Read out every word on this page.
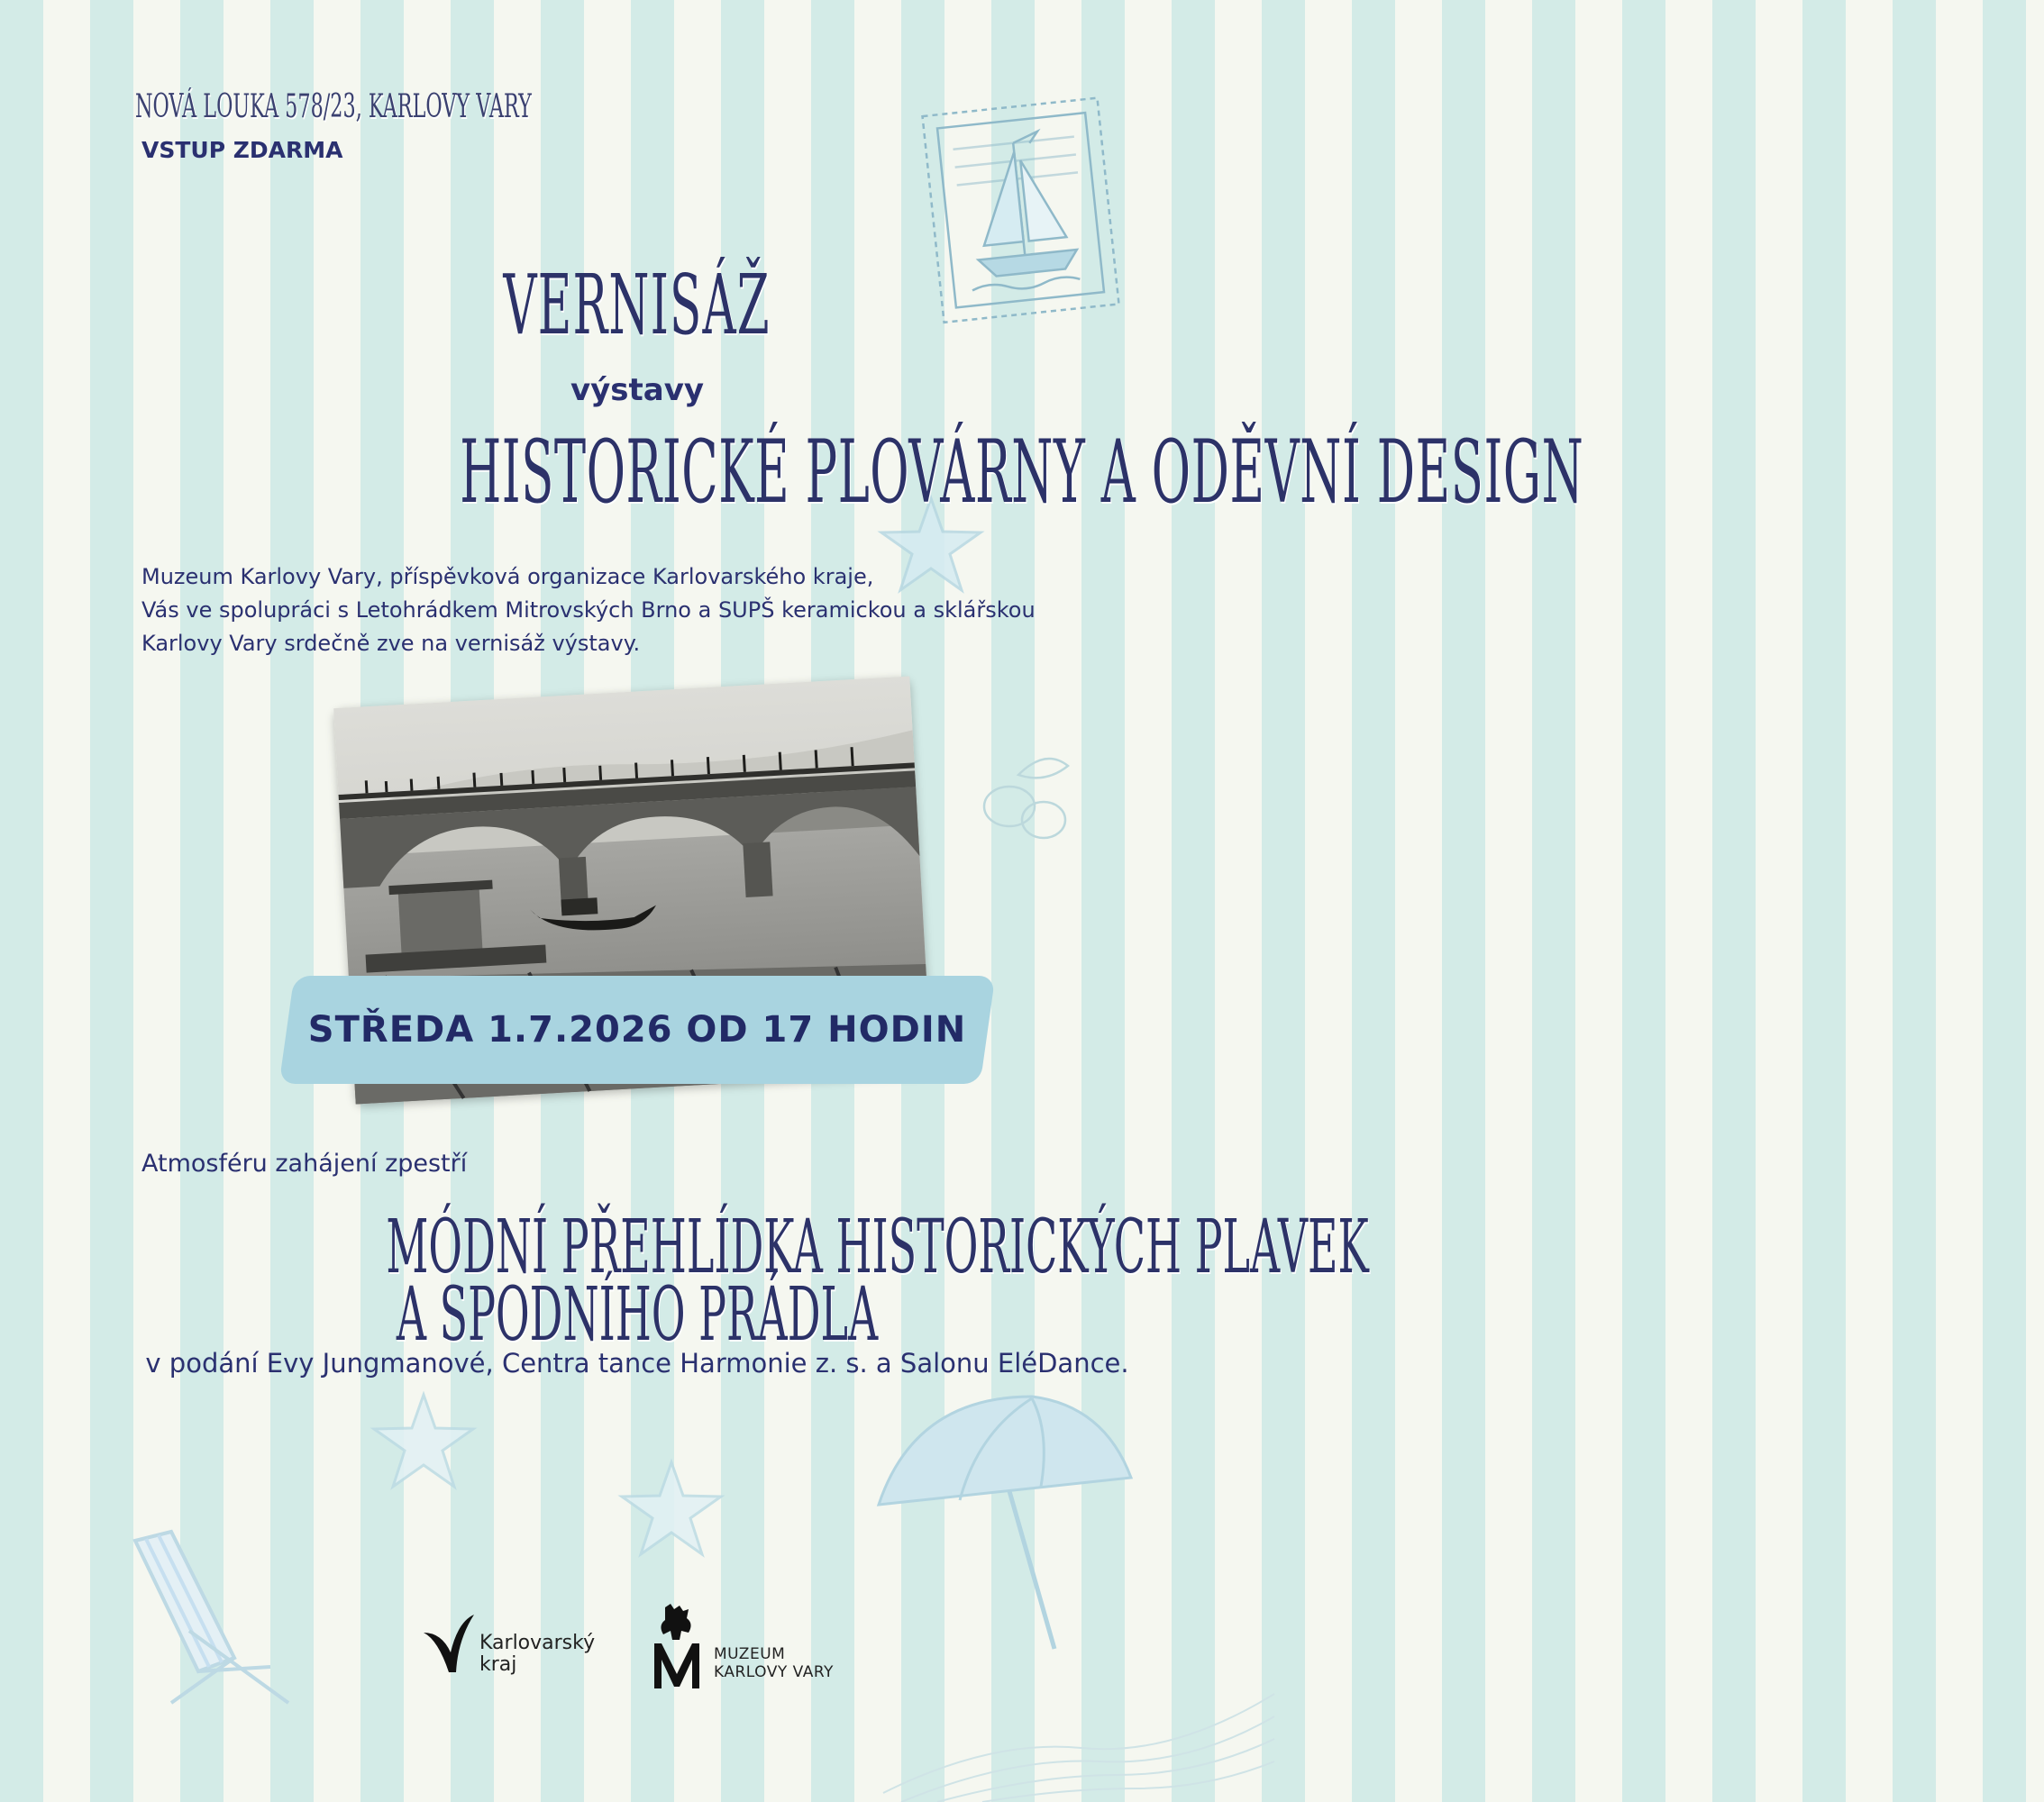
NOVÁ LOUKA 578/23, KARLOVY VARY
VSTUP ZDARMA
VERNISÁŽ
výstavy
HISTORICKÉ PLOVÁRNY A ODĚVNÍ DESIGN
Muzeum Karlovy Vary, příspěvková organizace Karlovarského kraje,
Vás ve spolupráci s Letohrádkem Mitrovských Brno a SUPŠ keramickou a sklářskou
Karlovy Vary srdečně zve na vernisáž výstavy.
STŘEDA 1.7.2026 OD 17 HODIN
Atmosféru zahájení zpestří
MÓDNÍ PŘEHLÍDKA HISTORICKÝCH PLAVEK
A SPODNÍHO PRÁDLA
v podání Evy Jungmanové, Centra tance Harmonie z. s. a Salonu EléDance.
Karlovarský
kraj	MUZEUM
KARLOVY VARY
